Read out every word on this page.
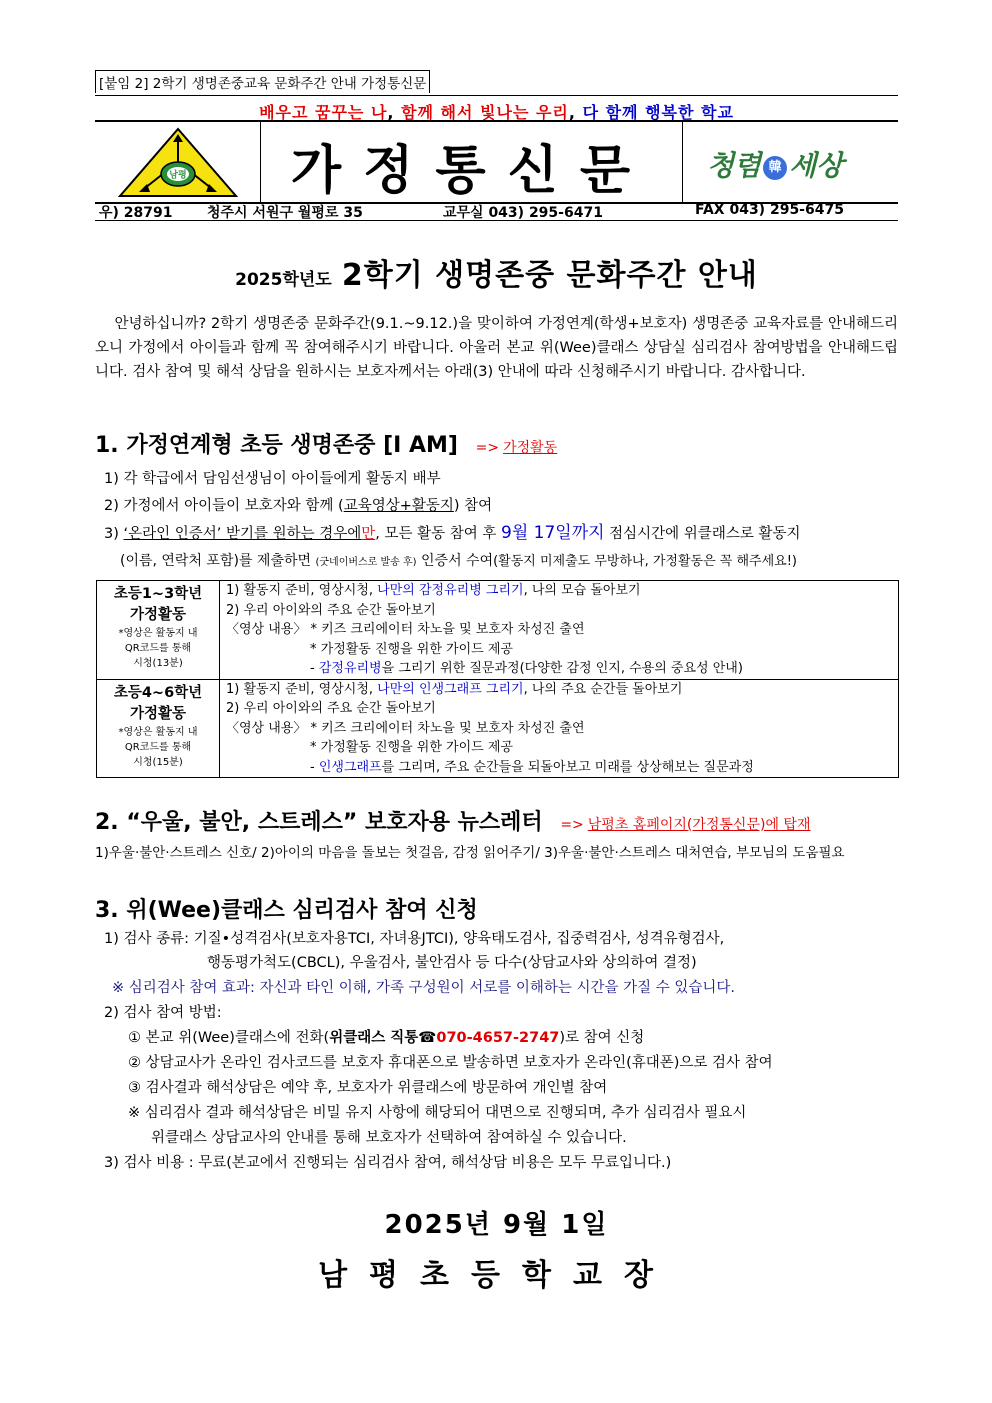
[붙임 2] 2학기 생명존중교육 문화주간 안내 가정통신문
배우고 꿈꾸는 나, 함께 해서 빛나는 우리, 다 함께 행복한 학교
남평	가정통신문	청렴 韓 세상
우) 28791 청주시 서원구 월평로 35	교무실 043) 295-6471	FAX 043) 295-6475
2025학년도 2학기 생명존중 문화주간 안내
안녕하십니까? 2학기 생명존중 문화주간(9.1.~9.12.)을 맞이하여 가정연계(학생+보호자) 생명존중 교육자료를 안내해드리오니 가정에서 아이들과 함께 꼭 참여해주시기 바랍니다. 아울러 본교 위(Wee)클래스 상담실 심리검사 참여방법을 안내해드립니다. 검사 참여 및 해석 상담을 원하시는 보호자께서는 아래(3) 안내에 따라 신청해주시기 바랍니다. 감사합니다.
1. 가정연계형 초등 생명존중 [I AM] => 가정활동
1) 각 학급에서 담임선생님이 아이들에게 활동지 배부
2) 가정에서 아이들이 보호자와 함께 (교육영상+활동지) 참여
3) ‘온라인 인증서’ 받기를 원하는 경우에만, 모든 활동 참여 후 9월 17일까지 점심시간에 위클래스로 활동지
(이름, 연락처 포함)를 제출하면 (굿네이버스로 발송 후) 인증서 수여(활동지 미제출도 무방하나, 가정활동은 꼭 해주세요!)
초등1~3학년
가정활동
*영상은 활동지 내
QR코드를 통해
시청(13분)	1) 활동지 준비, 영상시청, 나만의 감정유리병 그리기, 나의 모습 돌아보기
2) 우리 아이와의 주요 순간 돌아보기
〈영상 내용〉 * 키즈 크리에이터 차노을 및 보호자 차성진 출연
* 가정활동 진행을 위한 가이드 제공
- 감정유리병을 그리기 위한 질문과정(다양한 감정 인지, 수용의 중요성 안내)

초등4~6학년
가정활동
*영상은 활동지 내
QR코드를 통해
시청(15분)	1) 활동지 준비, 영상시청, 나만의 인생그래프 그리기, 나의 주요 순간들 돌아보기
2) 우리 아이와의 주요 순간 돌아보기
〈영상 내용〉 * 키즈 크리에이터 차노을 및 보호자 차성진 출연
* 가정활동 진행을 위한 가이드 제공
- 인생그래프를 그리며, 주요 순간들을 되돌아보고 미래를 상상해보는 질문과정
2. “우울, 불안, 스트레스” 보호자용 뉴스레터 => 남평초 홈페이지(가정통신문)에 탑재
1)우울·불안·스트레스 신호/ 2)아이의 마음을 돌보는 첫걸음, 감정 읽어주기/ 3)우울·불안·스트레스 대처연습, 부모님의 도움필요
3. 위(Wee)클래스 심리검사 참여 신청
1) 검사 종류: 기질•성격검사(보호자용TCI, 자녀용JTCI), 양육태도검사, 집중력검사, 성격유형검사,
행동평가척도(CBCL), 우울검사, 불안검사 등 다수(상담교사와 상의하여 결정)
※ 심리검사 참여 효과: 자신과 타인 이해, 가족 구성원이 서로를 이해하는 시간을 가질 수 있습니다.
2) 검사 참여 방법:
① 본교 위(Wee)클래스에 전화(위클래스 직통☎070-4657-2747)로 참여 신청
② 상담교사가 온라인 검사코드를 보호자 휴대폰으로 발송하면 보호자가 온라인(휴대폰)으로 검사 참여
③ 검사결과 해석상담은 예약 후, 보호자가 위클래스에 방문하여 개인별 참여
※ 심리검사 결과 해석상담은 비밀 유지 사항에 해당되어 대면으로 진행되며, 추가 심리검사 필요시
위클래스 상담교사의 안내를 통해 보호자가 선택하여 참여하실 수 있습니다.
3) 검사 비용 : 무료(본교에서 진행되는 심리검사 참여, 해석상담 비용은 모두 무료입니다.)
2025년 9월 1일
남평초등학교장
